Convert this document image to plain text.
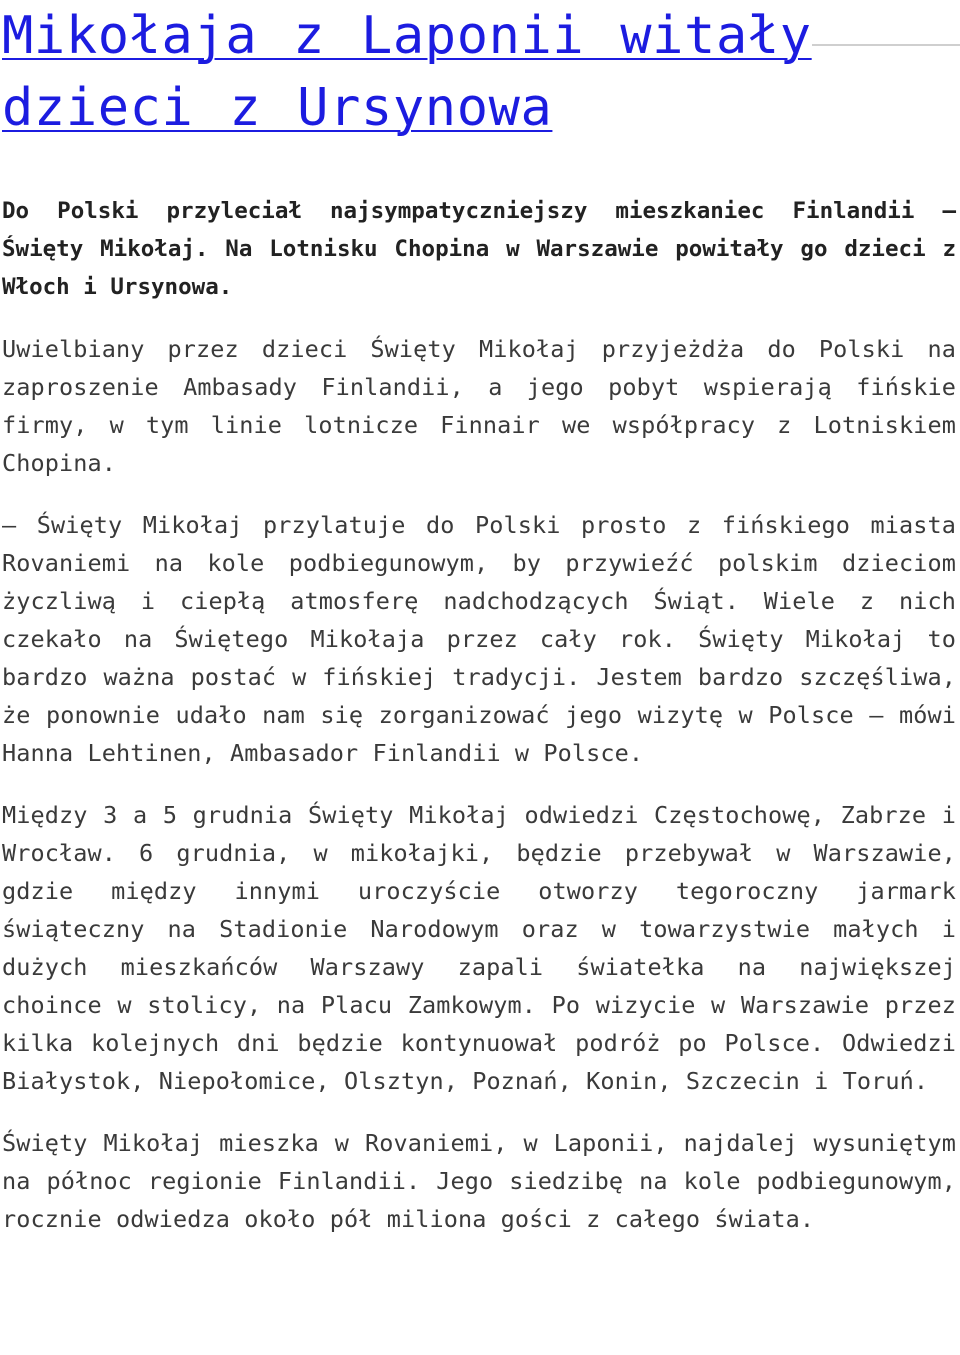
Mikołaja z Laponii witały dzieci z Ursynowa

Do Polski przyleciał najsympatyczniejszy mieszkaniec Finlandii – Święty Mikołaj. Na Lotnisku Chopina w Warszawie powitały go dzieci z Włoch i Ursynowa.

Uwielbiany przez dzieci Święty Mikołaj przyjeżdża do Polski na zaproszenie Ambasady Finlandii, a jego pobyt wspierają fińskie firmy, w tym linie lotnicze Finnair we współpracy z Lotniskiem Chopina.

– Święty Mikołaj przylatuje do Polski prosto z fińskiego miasta Rovaniemi na kole podbiegunowym, by przywieźć polskim dzieciom życzliwą i ciepłą atmosferę nadchodzących Świąt. Wiele z nich czekało na Świętego Mikołaja przez cały rok. Święty Mikołaj to bardzo ważna postać w fińskiej tradycji. Jestem bardzo szczęśliwa, że ponownie udało nam się zorganizować jego wizytę w Polsce – mówi Hanna Lehtinen, Ambasador Finlandii w Polsce.

Między 3 a 5 grudnia Święty Mikołaj odwiedzi Częstochowę, Zabrze i Wrocław. 6 grudnia, w mikołajki, będzie przebywał w Warszawie, gdzie między innymi uroczyście otworzy tegoroczny jarmark świąteczny na Stadionie Narodowym oraz w towarzystwie małych i dużych mieszkańców Warszawy zapali światełka na największej choince w stolicy, na Placu Zamkowym. Po wizycie w Warszawie przez kilka kolejnych dni będzie kontynuował podróż po Polsce. Odwiedzi Białystok, Niepołomice, Olsztyn, Poznań, Konin, Szczecin i Toruń.

Święty Mikołaj mieszka w Rovaniemi, w Laponii, najdalej wysuniętym na północ regionie Finlandii. Jego siedzibę na kole podbiegunowym, rocznie odwiedza około pół miliona gości z całego świata.
